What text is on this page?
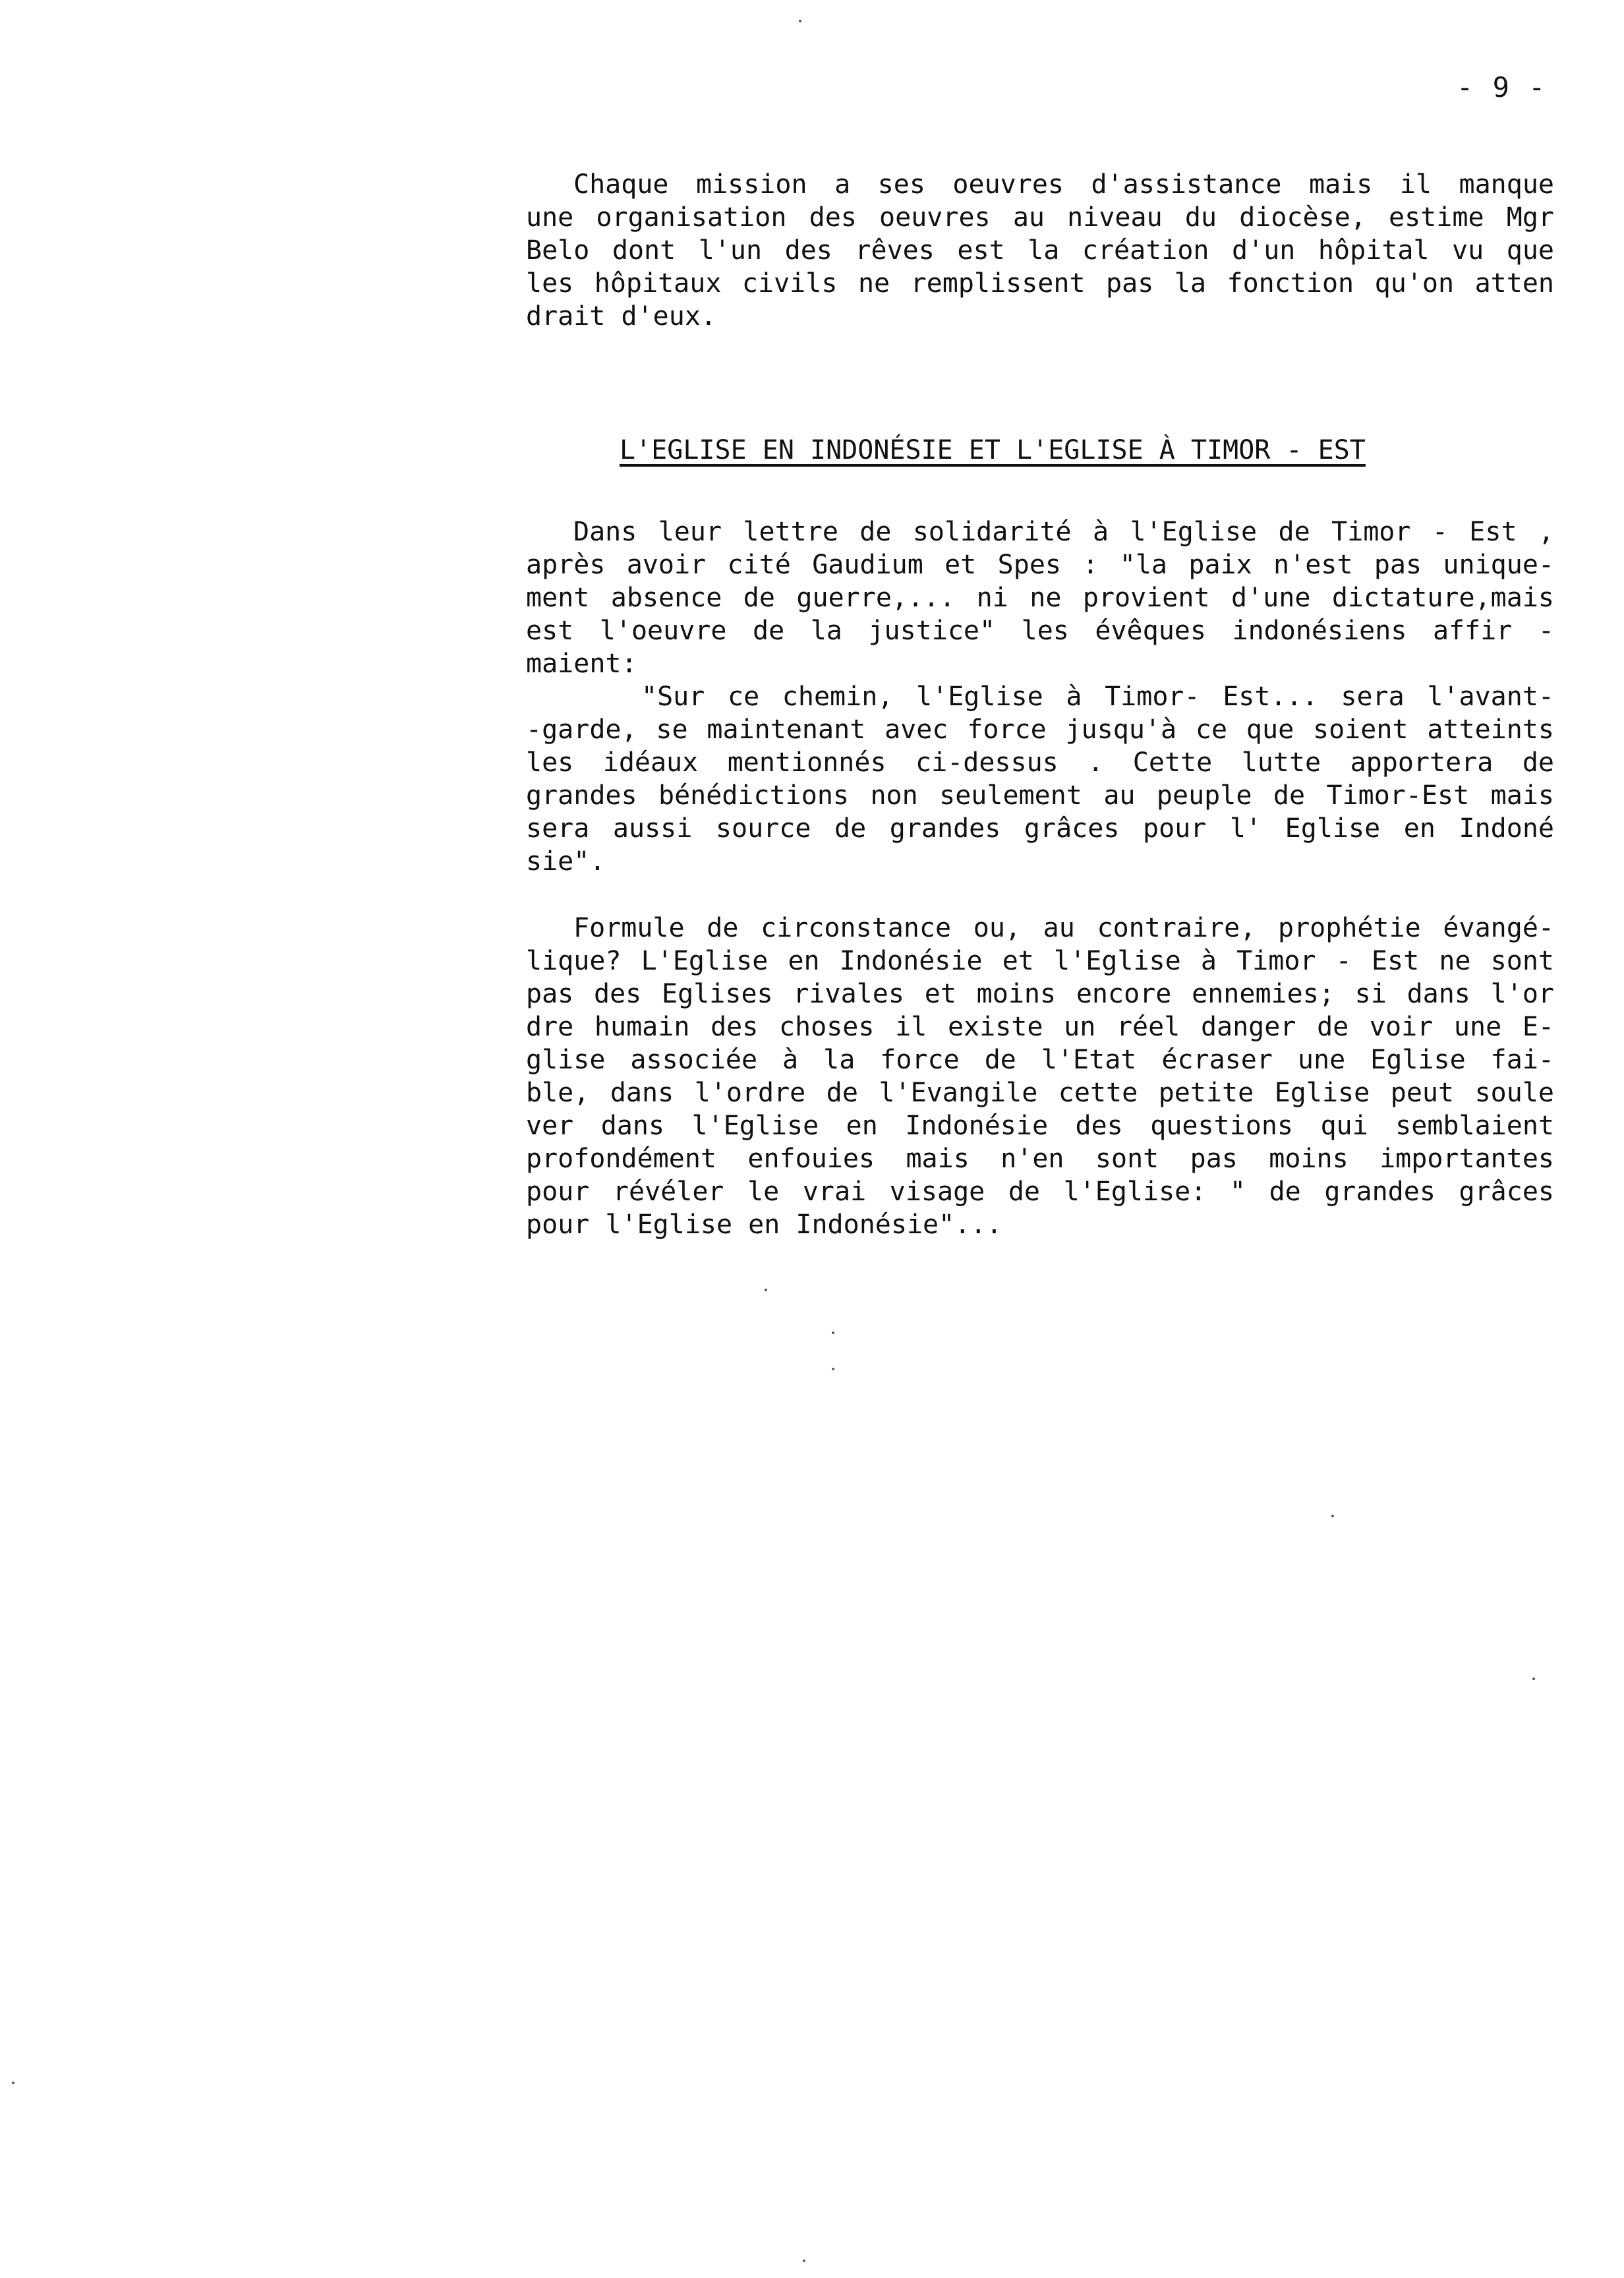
- 9 -
Chaque mission a ses oeuvres d'assistance mais il manque
une organisation des oeuvres au niveau du diocèse, estime Mgr
Belo dont l'un des rêves est la création d'un hôpital vu que
les hôpitaux civils ne remplissent pas la fonction qu'on atten
drait d'eux.
L'EGLISE EN INDONÉSIE ET L'EGLISE À TIMOR - EST
Dans leur lettre de solidarité à l'Eglise de Timor - Est ,
après avoir cité Gaudium et Spes : "la paix n'est pas unique-
ment absence de guerre,... ni ne provient d'une dictature,mais
est l'oeuvre de la justice" les évêques indonésiens affir -
maient:
"Sur ce chemin, l'Eglise à Timor- Est... sera l'avant-
-garde, se maintenant avec force jusqu'à ce que soient atteints
les idéaux mentionnés ci-dessus . Cette lutte apportera de
grandes bénédictions non seulement au peuple de Timor-Est mais
sera aussi source de grandes grâces pour l' Eglise en Indoné
sie".
Formule de circonstance ou, au contraire, prophétie évangé-
lique? L'Eglise en Indonésie et l'Eglise à Timor - Est ne sont
pas des Eglises rivales et moins encore ennemies; si dans l'or
dre humain des choses il existe un réel danger de voir une E-
glise associée à la force de l'Etat écraser une Eglise fai-
ble, dans l'ordre de l'Evangile cette petite Eglise peut soule
ver dans l'Eglise en Indonésie des questions qui semblaient
profondément enfouies mais n'en sont pas moins importantes
pour révéler le vrai visage de l'Eglise: " de grandes grâces
pour l'Eglise en Indonésie"...
